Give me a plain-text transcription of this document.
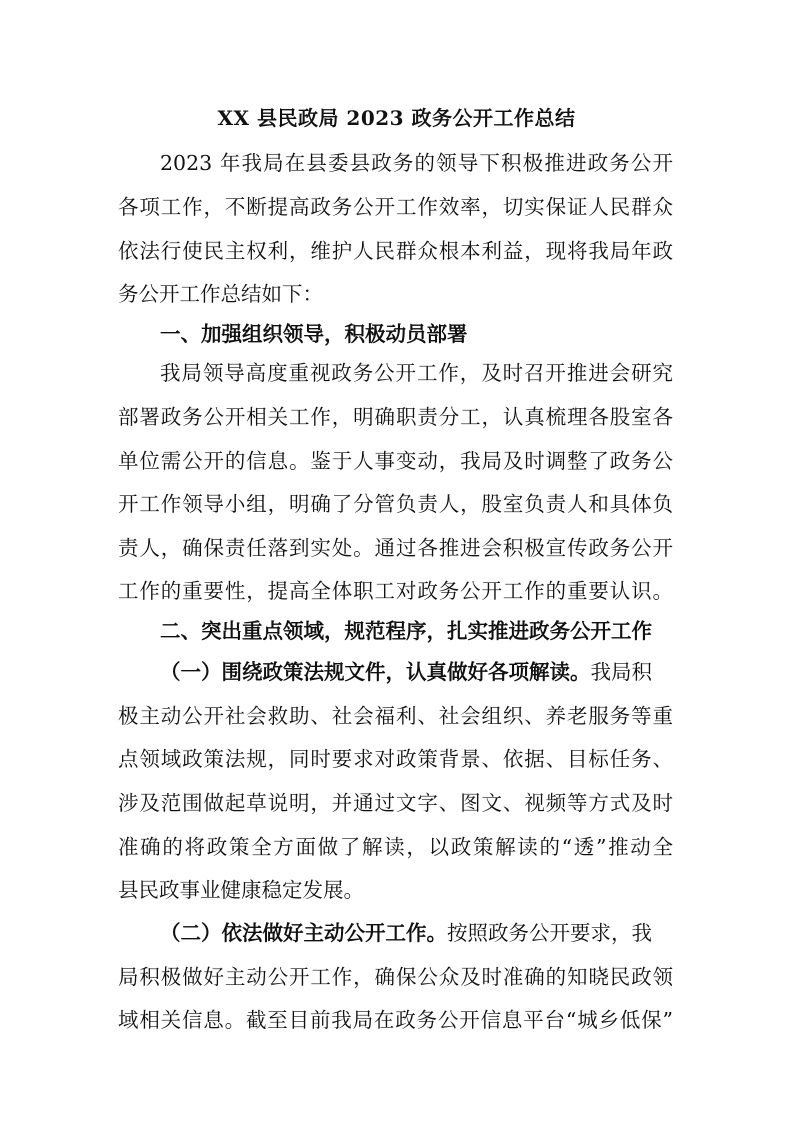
XX 县民政局 2023 政务公开工作总结
2023 年我局在县委县政务的领导下积极推进政务公开
各项工作，不断提高政务公开工作效率，切实保证人民群众
依法行使民主权利，维护人民群众根本利益，现将我局年政
务公开工作总结如下：
一、加强组织领导，积极动员部署
我局领导高度重视政务公开工作，及时召开推进会研究
部署政务公开相关工作，明确职责分工，认真梳理各股室各
单位需公开的信息。鉴于人事变动，我局及时调整了政务公
开工作领导小组，明确了分管负责人，股室负责人和具体负
责人，确保责任落到实处。通过各推进会积极宣传政务公开
工作的重要性，提高全体职工对政务公开工作的重要认识。
二、突出重点领域，规范程序，扎实推进政务公开工作
（一）围绕政策法规文件，认真做好各项解读。我局积
极主动公开社会救助、社会福利、社会组织、养老服务等重
点领域政策法规，同时要求对政策背景、依据、目标任务、
涉及范围做起草说明，并通过文字、图文、视频等方式及时
准确的将政策全方面做了解读，以政策解读的“透”推动全
县民政事业健康稳定发展。
（二）依法做好主动公开工作。按照政务公开要求，我
局积极做好主动公开工作，确保公众及时准确的知晓民政领
域相关信息。截至目前我局在政务公开信息平台“城乡低保”
